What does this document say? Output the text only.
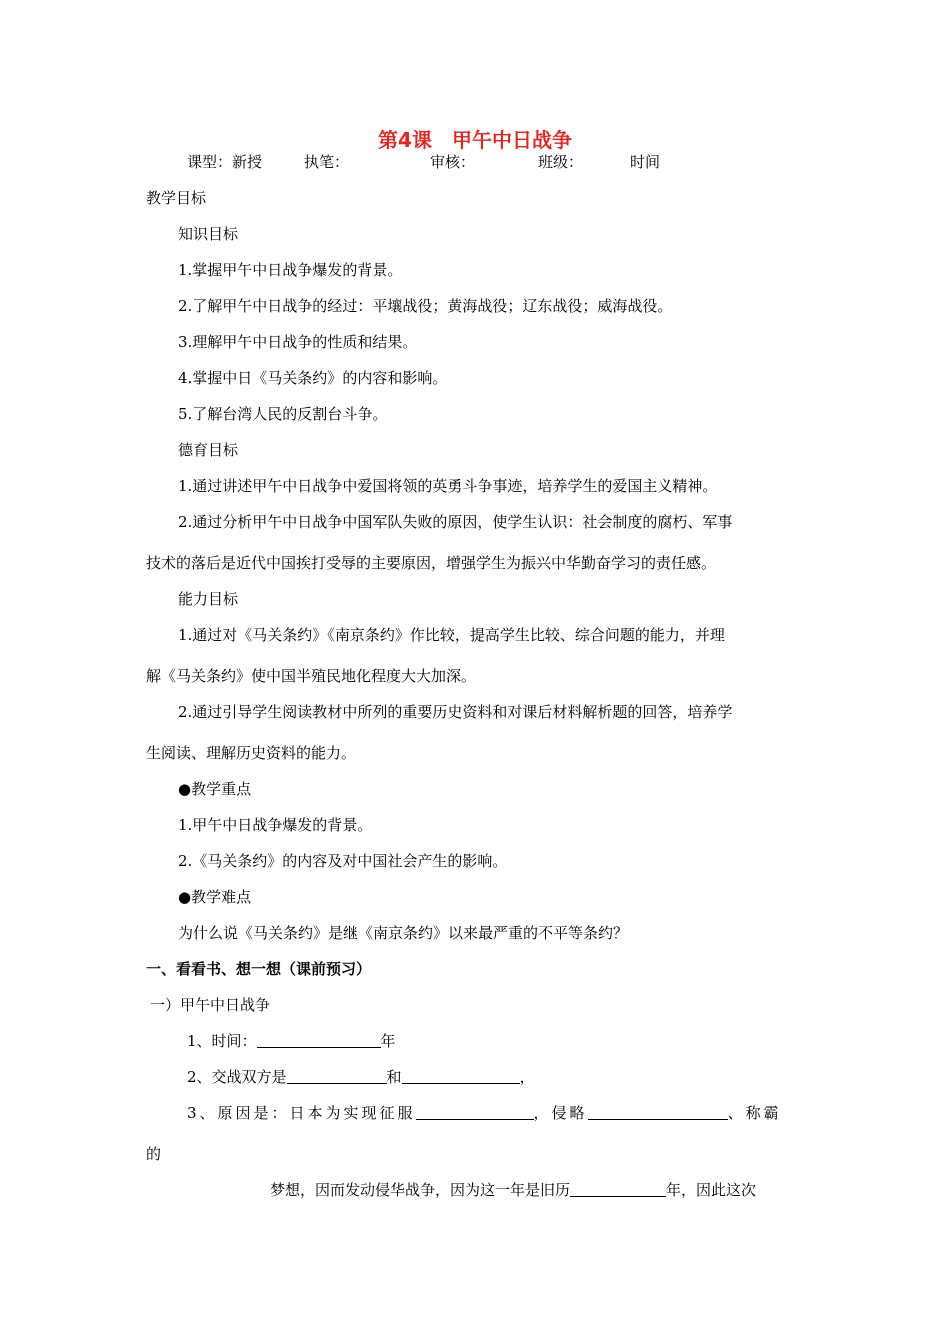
第4课　甲午中日战争
课型：新授	执笔：	审核：	班级：	时间
教学目标
知识目标
1.掌握甲午中日战争爆发的背景。
2.了解甲午中日战争的经过：平壤战役；黄海战役；辽东战役；威海战役。
3.理解甲午中日战争的性质和结果。
4.掌握中日《马关条约》的内容和影响。
5.了解台湾人民的反割台斗争。
德育目标
1.通过讲述甲午中日战争中爱国将领的英勇斗争事迹，培养学生的爱国主义精神。
2.通过分析甲午中日战争中国军队失败的原因，使学生认识：社会制度的腐朽、军事
技术的落后是近代中国挨打受辱的主要原因，增强学生为振兴中华勤奋学习的责任感。
能力目标
1.通过对《马关条约》《南京条约》作比较，提高学生比较、综合问题的能力，并理
解《马关条约》使中国半殖民地化程度大大加深。
2.通过引导学生阅读教材中所列的重要历史资料和对课后材料解析题的回答，培养学
生阅读、理解历史资料的能力。
●教学重点
1.甲午中日战争爆发的背景。
2.《马关条约》的内容及对中国社会产生的影响。
●教学难点
为什么说《马关条约》是继《南京条约》以来最严重的不平等条约？
一、看看书、想一想（课前预习）
一）甲午中日战争
1、时间：	年
2、交战双方是	和	，
3、原因是：日本为实现征服	，侵略	、称霸
的
梦想，因而发动侵华战争，因为这一年是旧历	年，因此这次
